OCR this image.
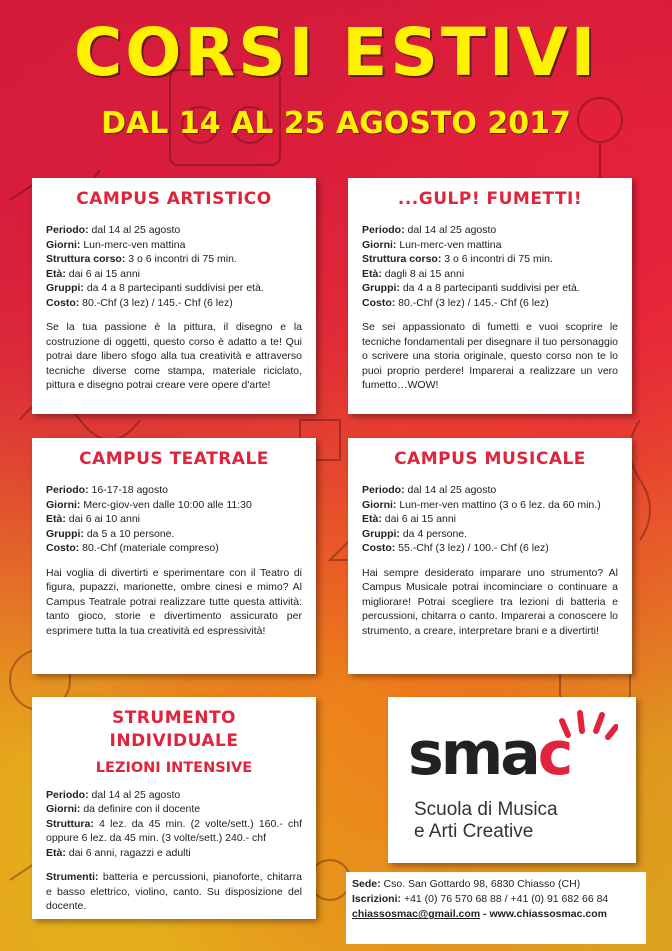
CORSI ESTIVI
DAL 14 AL 25 AGOSTO 2017
CAMPUS ARTISTICO

Periodo: dal 14 al 25 agosto

Giorni: Lun-merc-ven mattina

Struttura corso: 3 o 6 incontri di 75 min.

Età: dai 6 ai 15 anni

Gruppi: da 4 a 8 partecipanti suddivisi per età.

Costo: 80.-Chf (3 lez) / 145.- Chf (6 lez)

Se la tua passione è la pittura, il disegno e la costruzione di oggetti, questo corso è adatto a te! Qui potrai dare libero sfogo alla tua creatività e attraverso tecniche diverse come stampa, materiale riciclato, pittura e disegno potrai creare vere opere d'arte!
...GULP! FUMETTI!

Periodo: dal 14 al 25 agosto

Giorni: Lun-merc-ven mattina

Struttura corso: 3 o 6 incontri di 75 min.

Età: dagli 8 ai 15 anni

Gruppi: da 4 a 8 partecipanti suddivisi per età.

Costo: 80.-Chf (3 lez) / 145.- Chf (6 lez)

Se sei appassionato di fumetti e vuoi scoprire le tecniche fondamentali per disegnare il tuo personaggio o scrivere una storia originale, questo corso non te lo puoi proprio perdere! Imparerai a realizzare un vero fumetto…WOW!
CAMPUS TEATRALE

Periodo: 16-17-18 agosto

Giorni: Merc-giov-ven dalle 10:00 alle 11:30

Età: dai 6 ai 10 anni

Gruppi: da 5 a 10 persone.

Costo: 80.-Chf (materiale compreso)

Hai voglia di divertirti e sperimentare con il Teatro di figura, pupazzi, marionette, ombre cinesi e mimo? Al Campus Teatrale potrai realizzare tutte questa attività: tanto gioco, storie e divertimento assicurato per esprimere tutta la tua creatività ed espressività!
CAMPUS MUSICALE

Periodo: dal 14 al 25 agosto

Giorni: Lun-mer-ven mattino (3 o 6 lez. da 60 min.)

Età: dai 6 ai 15 anni

Gruppi: da 4 persone.

Costo: 55.-Chf (3 lez) / 100.- Chf (6 lez)

Hai sempre desiderato imparare uno strumento? Al Campus Musicale potrai incominciare o continuare a migliorare! Potrai scegliere tra lezioni di batteria e percussioni, chitarra o canto. Imparerai a conoscere lo strumento, a creare, interpretare brani e a divertirti!
STRUMENTO INDIVIDUALE
LEZIONI INTENSIVE

Periodo: dal 14 al 25 agosto

Giorni: da definire con il docente

Struttura: 4 lez. da 45 min. (2 volte/sett.) 160.- chf oppure 6 lez. da 45 min. (3 volte/sett.) 240.- chf

Età: dai 6 anni, ragazzi e adulti

Strumenti: batteria e percussioni, pianoforte, chitarra e basso elettrico, violino, canto. Su disposizione del docente.
smac
Scuola di Musica
e Arti Creative
Sede: Cso. San Gottardo 98, 6830 Chiasso (CH)
Iscrizioni: +41 (0) 76 570 68 88 / +41 (0) 91 682 66 84
chiassosmac@gmail.com - www.chiassosmac.com
